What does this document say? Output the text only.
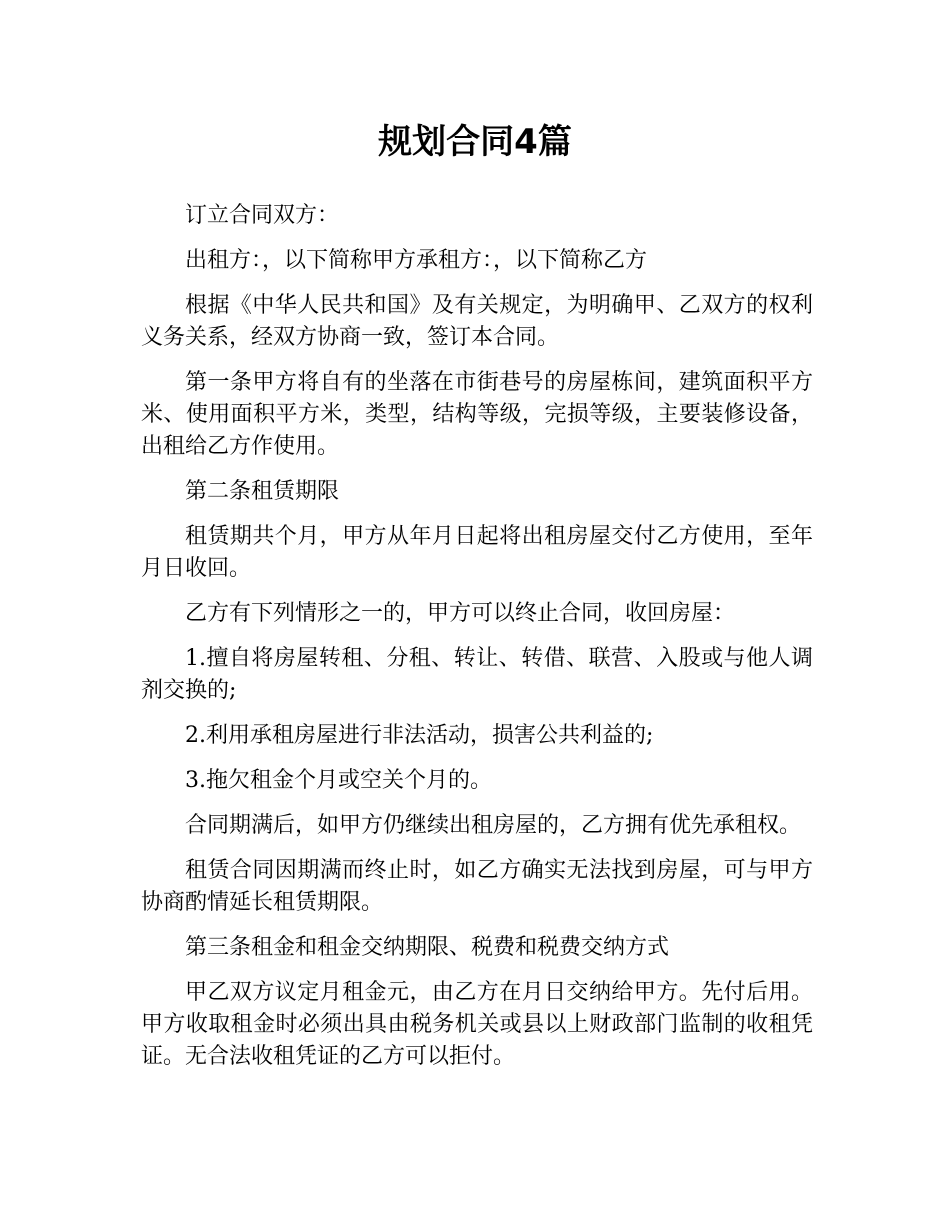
规划合同4篇

订立合同双方：

出租方：，以下简称甲方承租方：，以下简称乙方

根据《中华人民共和国》及有关规定，为明确甲、乙双方的权利义务关系，经双方协商一致，签订本合同。

第一条甲方将自有的坐落在市街巷号的房屋栋间，建筑面积平方米、使用面积平方米，类型，结构等级，完损等级，主要装修设备，出租给乙方作使用。

第二条租赁期限

租赁期共个月，甲方从年月日起将出租房屋交付乙方使用，至年月日收回。

乙方有下列情形之一的，甲方可以终止合同，收回房屋：

1.擅自将房屋转租、分租、转让、转借、联营、入股或与他人调剂交换的;

2.利用承租房屋进行非法活动，损害公共利益的;

3.拖欠租金个月或空关个月的。

合同期满后，如甲方仍继续出租房屋的，乙方拥有优先承租权。

租赁合同因期满而终止时，如乙方确实无法找到房屋，可与甲方协商酌情延长租赁期限。

第三条租金和租金交纳期限、税费和税费交纳方式

甲乙双方议定月租金元，由乙方在月日交纳给甲方。先付后用。甲方收取租金时必须出具由税务机关或县以上财政部门监制的收租凭证。无合法收租凭证的乙方可以拒付。
